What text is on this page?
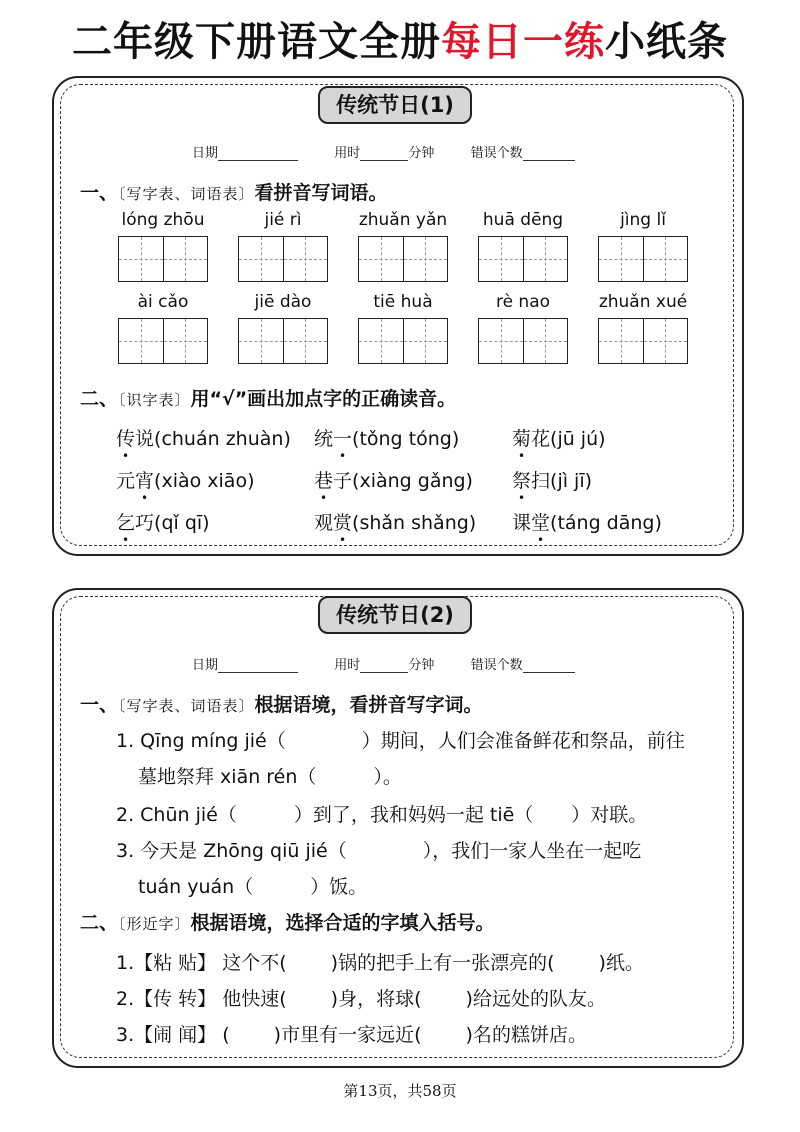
二年级下册语文全册每日一练小纸条
传统节日(1)
日期	用时	分钟	错误个数
一、〔写字表、词语表〕看拼音写词语。
lóng zhōu	jié rì	zhuǎn yǎn	huā dēng	jìng lǐ
ài cǎo	jiē dào	tiē huà	rè nao	zhuǎn xué
二、〔识字表〕用“√”画出加点字的正确读音。
传说(chuán zhuàn) 统一(tǒng tóng)	菊花(jū jú)
元宵(xiào xiāo)	巷子(xiàng gǎng) 祭扫(jì jī)
乞巧(qǐ qī)	观赏(shǎn shǎng) 课堂(táng dāng)
传统节日(2)
日期	用时	分钟	错误个数
一、〔写字表、词语表〕根据语境，看拼音写字词。
1. Qīng míng jié（　　　　）期间，人们会准备鲜花和祭品，前往
墓地祭拜 xiān rén（　　　）。
2. Chūn jié（　　　）到了，我和妈妈一起 tiē（　　）对联。
3. 今天是 Zhōng qiū jié（　　　　），我们一家人坐在一起吃
tuán yuán（　　　）饭。
二、〔形近字〕根据语境，选择合适的字填入括号。
1.【粘 贴】 这个不(　　 )锅的把手上有一张漂亮的(　　 )纸。
2.【传 转】 他快速(　　 )身，将球(　　 )给远处的队友。
3.【闹 闻】 (　　 )市里有一家远近(　　 )名的糕饼店。
第13页，共58页
